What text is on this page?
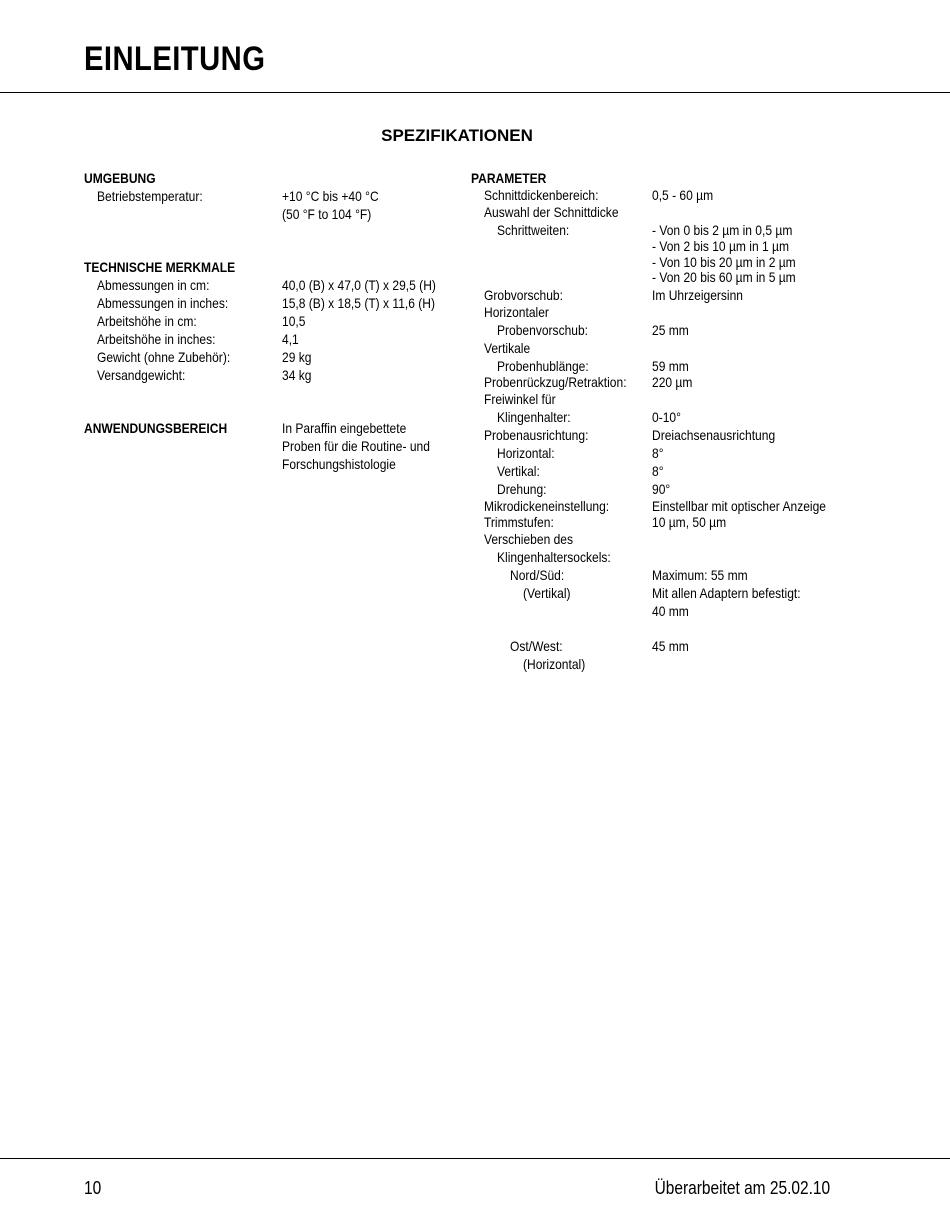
EINLEITUNG
SPEZIFIKATIONEN
UMGEBUNG
Betriebstemperatur:	+10 °C bis +40 °C
(50 °F to 104 °F)
TECHNISCHE MERKMALE
Abmessungen in cm:	40,0 (B) x 47,0 (T) x 29,5 (H)
Abmessungen in inches:	15,8 (B) x 18,5 (T) x 11,6 (H)
Arbeitshöhe in cm:	10,5
Arbeitshöhe in inches:	4,1
Gewicht (ohne Zubehör):	29 kg
Versandgewicht:	34 kg
ANWENDUNGSBEREICH	In Paraffin eingebettete
Proben für die Routine- und
Forschungshistologie
PARAMETER
Schnittdickenbereich:	0,5 - 60 µm
Auswahl der Schnittdicke
Schrittweiten:	- Von 0 bis 2 µm in 0,5 µm
- Von 2 bis 10 µm in 1 µm
- Von 10 bis 20 µm in 2 µm
- Von 20 bis 60 µm in 5 µm
Grobvorschub:	Im Uhrzeigersinn
Horizontaler
Probenvorschub:	25 mm
Vertikale
Probenhublänge:	59 mm
Probenrückzug/Retraktion: 220 µm
Freiwinkel für
Klingenhalter:	0-10°
Probenausrichtung:	Dreiachsenausrichtung
Horizontal:	8°
Vertikal:	8°
Drehung:	90°
Mikrodickeneinstellung:	Einstellbar mit optischer Anzeige
Trimmstufen:	10 µm, 50 µm
Verschieben des
Klingenhaltersockels:
Nord/Süd:	Maximum: 55 mm
(Vertikal)	Mit allen Adaptern befestigt:
40 mm
Ost/West:	45 mm
(Horizontal)
10	Überarbeitet am 25.02.10
